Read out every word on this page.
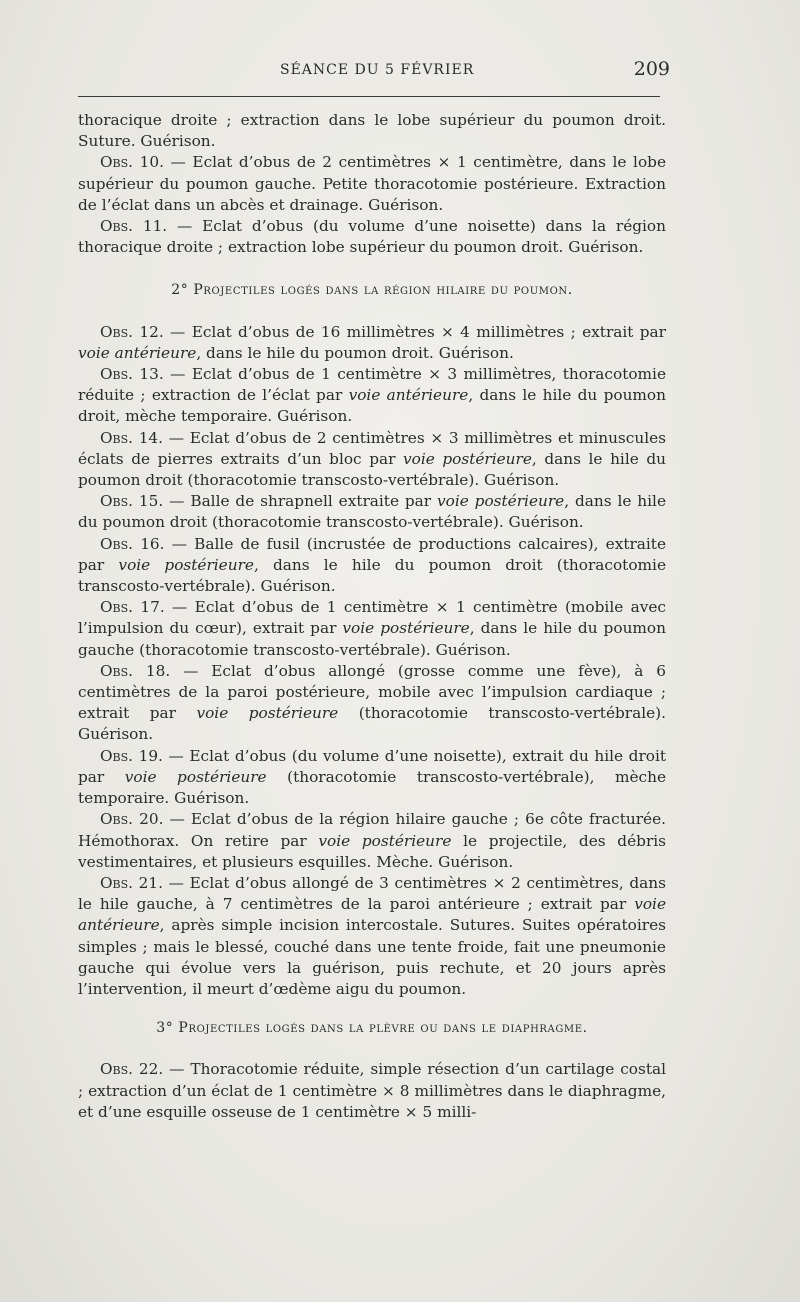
SÉANCE DU 5 FÉVRIER	209

thoracique droite ; extraction dans le lobe supérieur du poumon droit. Suture. Guérison.

Obs. 10. — Eclat d’obus de 2 centimètres × 1 centimètre, dans le lobe supérieur du poumon gauche. Petite thoracotomie postérieure. Extraction de l’éclat dans un abcès et drainage. Guérison.

Obs. 11. — Eclat d’obus (du volume d’une noisette) dans la région thoracique droite ; extraction lobe supérieur du poumon droit. Guérison.

2° Projectiles logés dans la région hilaire du poumon.

Obs. 12. — Eclat d’obus de 16 millimètres × 4 millimètres ; extrait par voie antérieure, dans le hile du poumon droit. Guérison.

Obs. 13. — Eclat d’obus de 1 centimètre × 3 millimètres, thoracotomie réduite ; extraction de l’éclat par voie antérieure, dans le hile du poumon droit, mèche temporaire. Guérison.

Obs. 14. — Eclat d’obus de 2 centimètres × 3 millimètres et minuscules éclats de pierres extraits d’un bloc par voie postérieure, dans le hile du poumon droit (thoracotomie transcosto-vertébrale). Guérison.

Obs. 15. — Balle de shrapnell extraite par voie postérieure, dans le hile du poumon droit (thoracotomie transcosto-vertébrale). Guérison.

Obs. 16. — Balle de fusil (incrustée de productions calcaires), extraite par voie postérieure, dans le hile du poumon droit (thoracotomie transcosto-vertébrale). Guérison.

Obs. 17. — Eclat d’obus de 1 centimètre × 1 centimètre (mobile avec l’impulsion du cœur), extrait par voie postérieure, dans le hile du poumon gauche (thoracotomie transcosto-vertébrale). Guérison.

Obs. 18. — Eclat d’obus allongé (grosse comme une fève), à 6 centimètres de la paroi postérieure, mobile avec l’impulsion cardiaque ; extrait par voie postérieure (thoracotomie transcosto-vertébrale). Guérison.

Obs. 19. — Eclat d’obus (du volume d’une noisette), extrait du hile droit par voie postérieure (thoracotomie transcosto-vertébrale), mèche temporaire. Guérison.

Obs. 20. — Eclat d’obus de la région hilaire gauche ; 6e côte fracturée. Hémothorax. On retire par voie postérieure le projectile, des débris vestimentaires, et plusieurs esquilles. Mèche. Guérison.

Obs. 21. — Eclat d’obus allongé de 3 centimètres × 2 centimètres, dans le hile gauche, à 7 centimètres de la paroi antérieure ; extrait par voie antérieure, après simple incision intercostale. Sutures. Suites opératoires simples ; mais le blessé, couché dans une tente froide, fait une pneumonie gauche qui évolue vers la guérison, puis rechute, et 20 jours après l’intervention, il meurt d’œdème aigu du poumon.

3° Projectiles logés dans la plèvre ou dans le diaphragme.

Obs. 22. — Thoracotomie réduite, simple résection d’un cartilage costal ; extraction d’un éclat de 1 centimètre × 8 millimètres dans le diaphragme, et d’une esquille osseuse de 1 centimètre × 5 milli-
